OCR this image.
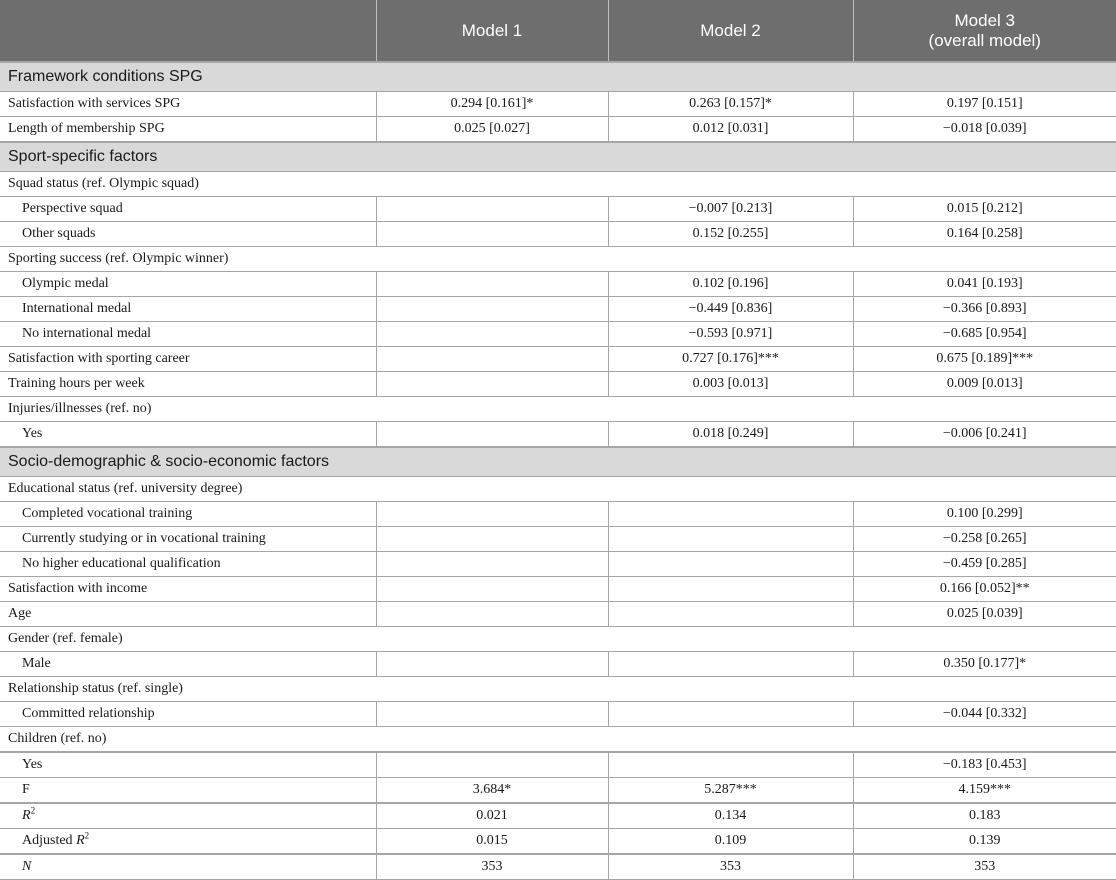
	Model 1	Model 2	Model 3
(overall model)

Framework conditions SPG			
Satisfaction with services SPG	0.294 [0.161]*	0.263 [0.157]*	0.197 [0.151]
Length of membership SPG	0.025 [0.027]	0.012 [0.031]	−0.018 [0.039]
Sport-specific factors			
Squad status (ref. Olympic squad)			
Perspective squad		−0.007 [0.213]	0.015 [0.212]
Other squads		0.152 [0.255]	0.164 [0.258]
Sporting success (ref. Olympic winner)			
Olympic medal		0.102 [0.196]	0.041 [0.193]
International medal		−0.449 [0.836]	−0.366 [0.893]
No international medal		−0.593 [0.971]	−0.685 [0.954]
Satisfaction with sporting career		0.727 [0.176]***	0.675 [0.189]***
Training hours per week		0.003 [0.013]	0.009 [0.013]
Injuries/illnesses (ref. no)			
Yes		0.018 [0.249]	−0.006 [0.241]
Socio-demographic & socio-economic factors			
Educational status (ref. university degree)			
Completed vocational training			0.100 [0.299]
Currently studying or in vocational training			−0.258 [0.265]
No higher educational qualification			−0.459 [0.285]
Satisfaction with income			0.166 [0.052]**
Age			0.025 [0.039]
Gender (ref. female)			
Male			0.350 [0.177]*
Relationship status (ref. single)			
Committed relationship			−0.044 [0.332]
Children (ref. no)			
Yes			−0.183 [0.453]
F	3.684*	5.287***	4.159***
$R^2$	0.021	0.134	0.183
Adjusted $R^2$	0.015	0.109	0.139
N	353	353	353
